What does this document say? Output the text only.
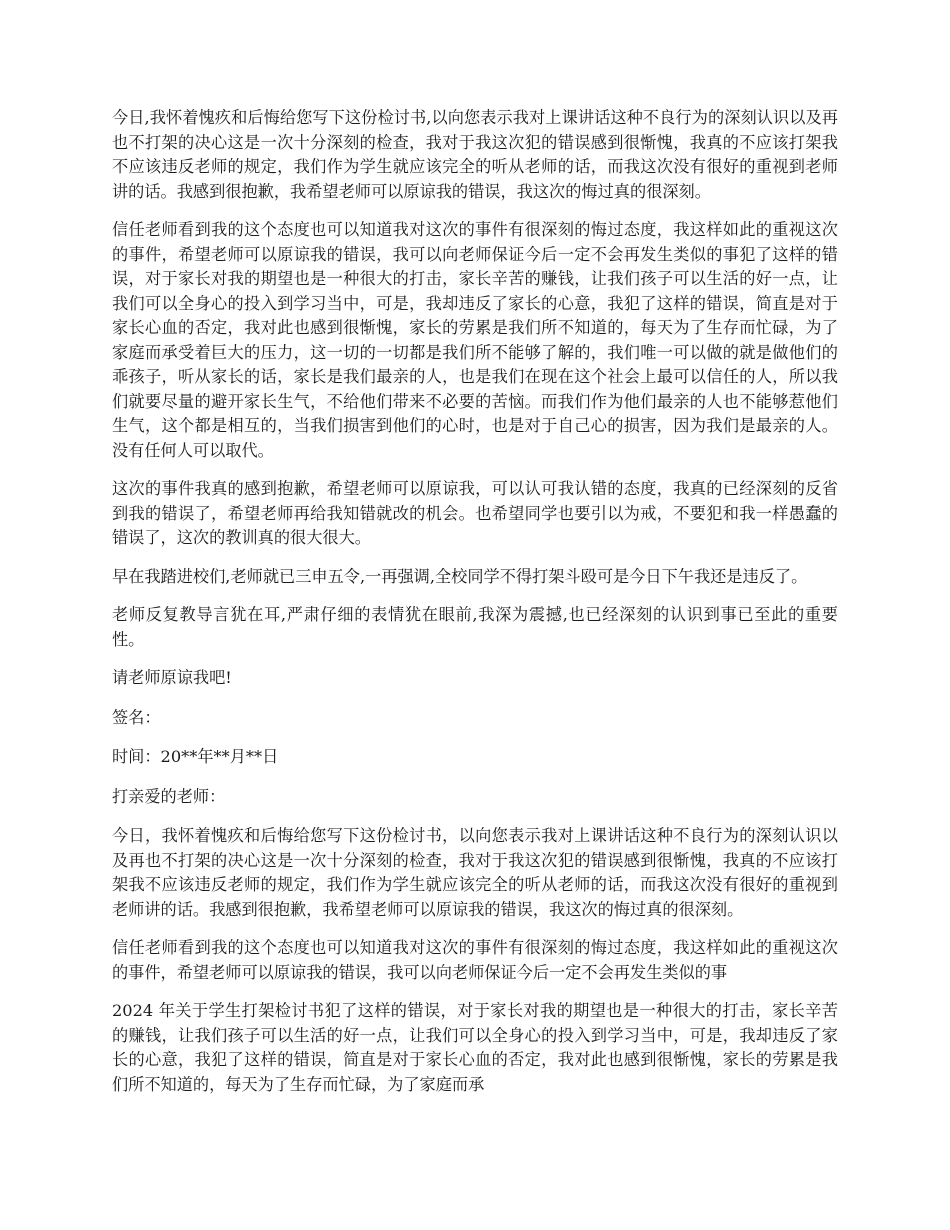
今日,我怀着愧疚和后悔给您写下这份检讨书,以向您表示我对上课讲话这种不良行为的深刻认识以及再也不打架的决心这是一次十分深刻的检查，我对于我这次犯的错误感到很惭愧，我真的不应该打架我不应该违反老师的规定，我们作为学生就应该完全的听从老师的话，而我这次没有很好的重视到老师讲的话。我感到很抱歉，我希望老师可以原谅我的错误，我这次的悔过真的很深刻。

信任老师看到我的这个态度也可以知道我对这次的事件有很深刻的悔过态度，我这样如此的重视这次的事件，希望老师可以原谅我的错误，我可以向老师保证今后一定不会再发生类似的事犯了这样的错误，对于家长对我的期望也是一种很大的打击，家长辛苦的赚钱，让我们孩子可以生活的好一点，让我们可以全身心的投入到学习当中，可是，我却违反了家长的心意，我犯了这样的错误，简直是对于家长心血的否定，我对此也感到很惭愧，家长的劳累是我们所不知道的，每天为了生存而忙碌，为了家庭而承受着巨大的压力，这一切的一切都是我们所不能够了解的，我们唯一可以做的就是做他们的乖孩子，听从家长的话，家长是我们最亲的人，也是我们在现在这个社会上最可以信任的人，所以我们就要尽量的避开家长生气，不给他们带来不必要的苦恼。而我们作为他们最亲的人也不能够惹他们生气，这个都是相互的，当我们损害到他们的心时，也是对于自己心的损害，因为我们是最亲的人。没有任何人可以取代。

这次的事件我真的感到抱歉，希望老师可以原谅我，可以认可我认错的态度，我真的已经深刻的反省到我的错误了，希望老师再给我知错就改的机会。也希望同学也要引以为戒，不要犯和我一样愚蠢的错误了，这次的教训真的很大很大。

早在我踏进校们,老师就已三申五令,一再强调,全校同学不得打架斗殴可是今日下午我还是违反了。

老师反复教导言犹在耳,严肃仔细的表情犹在眼前,我深为震撼,也已经深刻的认识到事已至此的重要性。

请老师原谅我吧!

签名：

时间：20**年**月**日

打亲爱的老师：

今日，我怀着愧疚和后悔给您写下这份检讨书，以向您表示我对上课讲话这种不良行为的深刻认识以及再也不打架的决心这是一次十分深刻的检查，我对于我这次犯的错误感到很惭愧，我真的不应该打架我不应该违反老师的规定，我们作为学生就应该完全的听从老师的话，而我这次没有很好的重视到老师讲的话。我感到很抱歉，我希望老师可以原谅我的错误，我这次的悔过真的很深刻。

信任老师看到我的这个态度也可以知道我对这次的事件有很深刻的悔过态度，我这样如此的重视这次的事件，希望老师可以原谅我的错误，我可以向老师保证今后一定不会再发生类似的事

2024 年关于学生打架检讨书犯了这样的错误，对于家长对我的期望也是一种很大的打击，家长辛苦的赚钱，让我们孩子可以生活的好一点，让我们可以全身心的投入到学习当中，可是，我却违反了家长的心意，我犯了这样的错误，简直是对于家长心血的否定，我对此也感到很惭愧，家长的劳累是我们所不知道的，每天为了生存而忙碌，为了家庭而承
